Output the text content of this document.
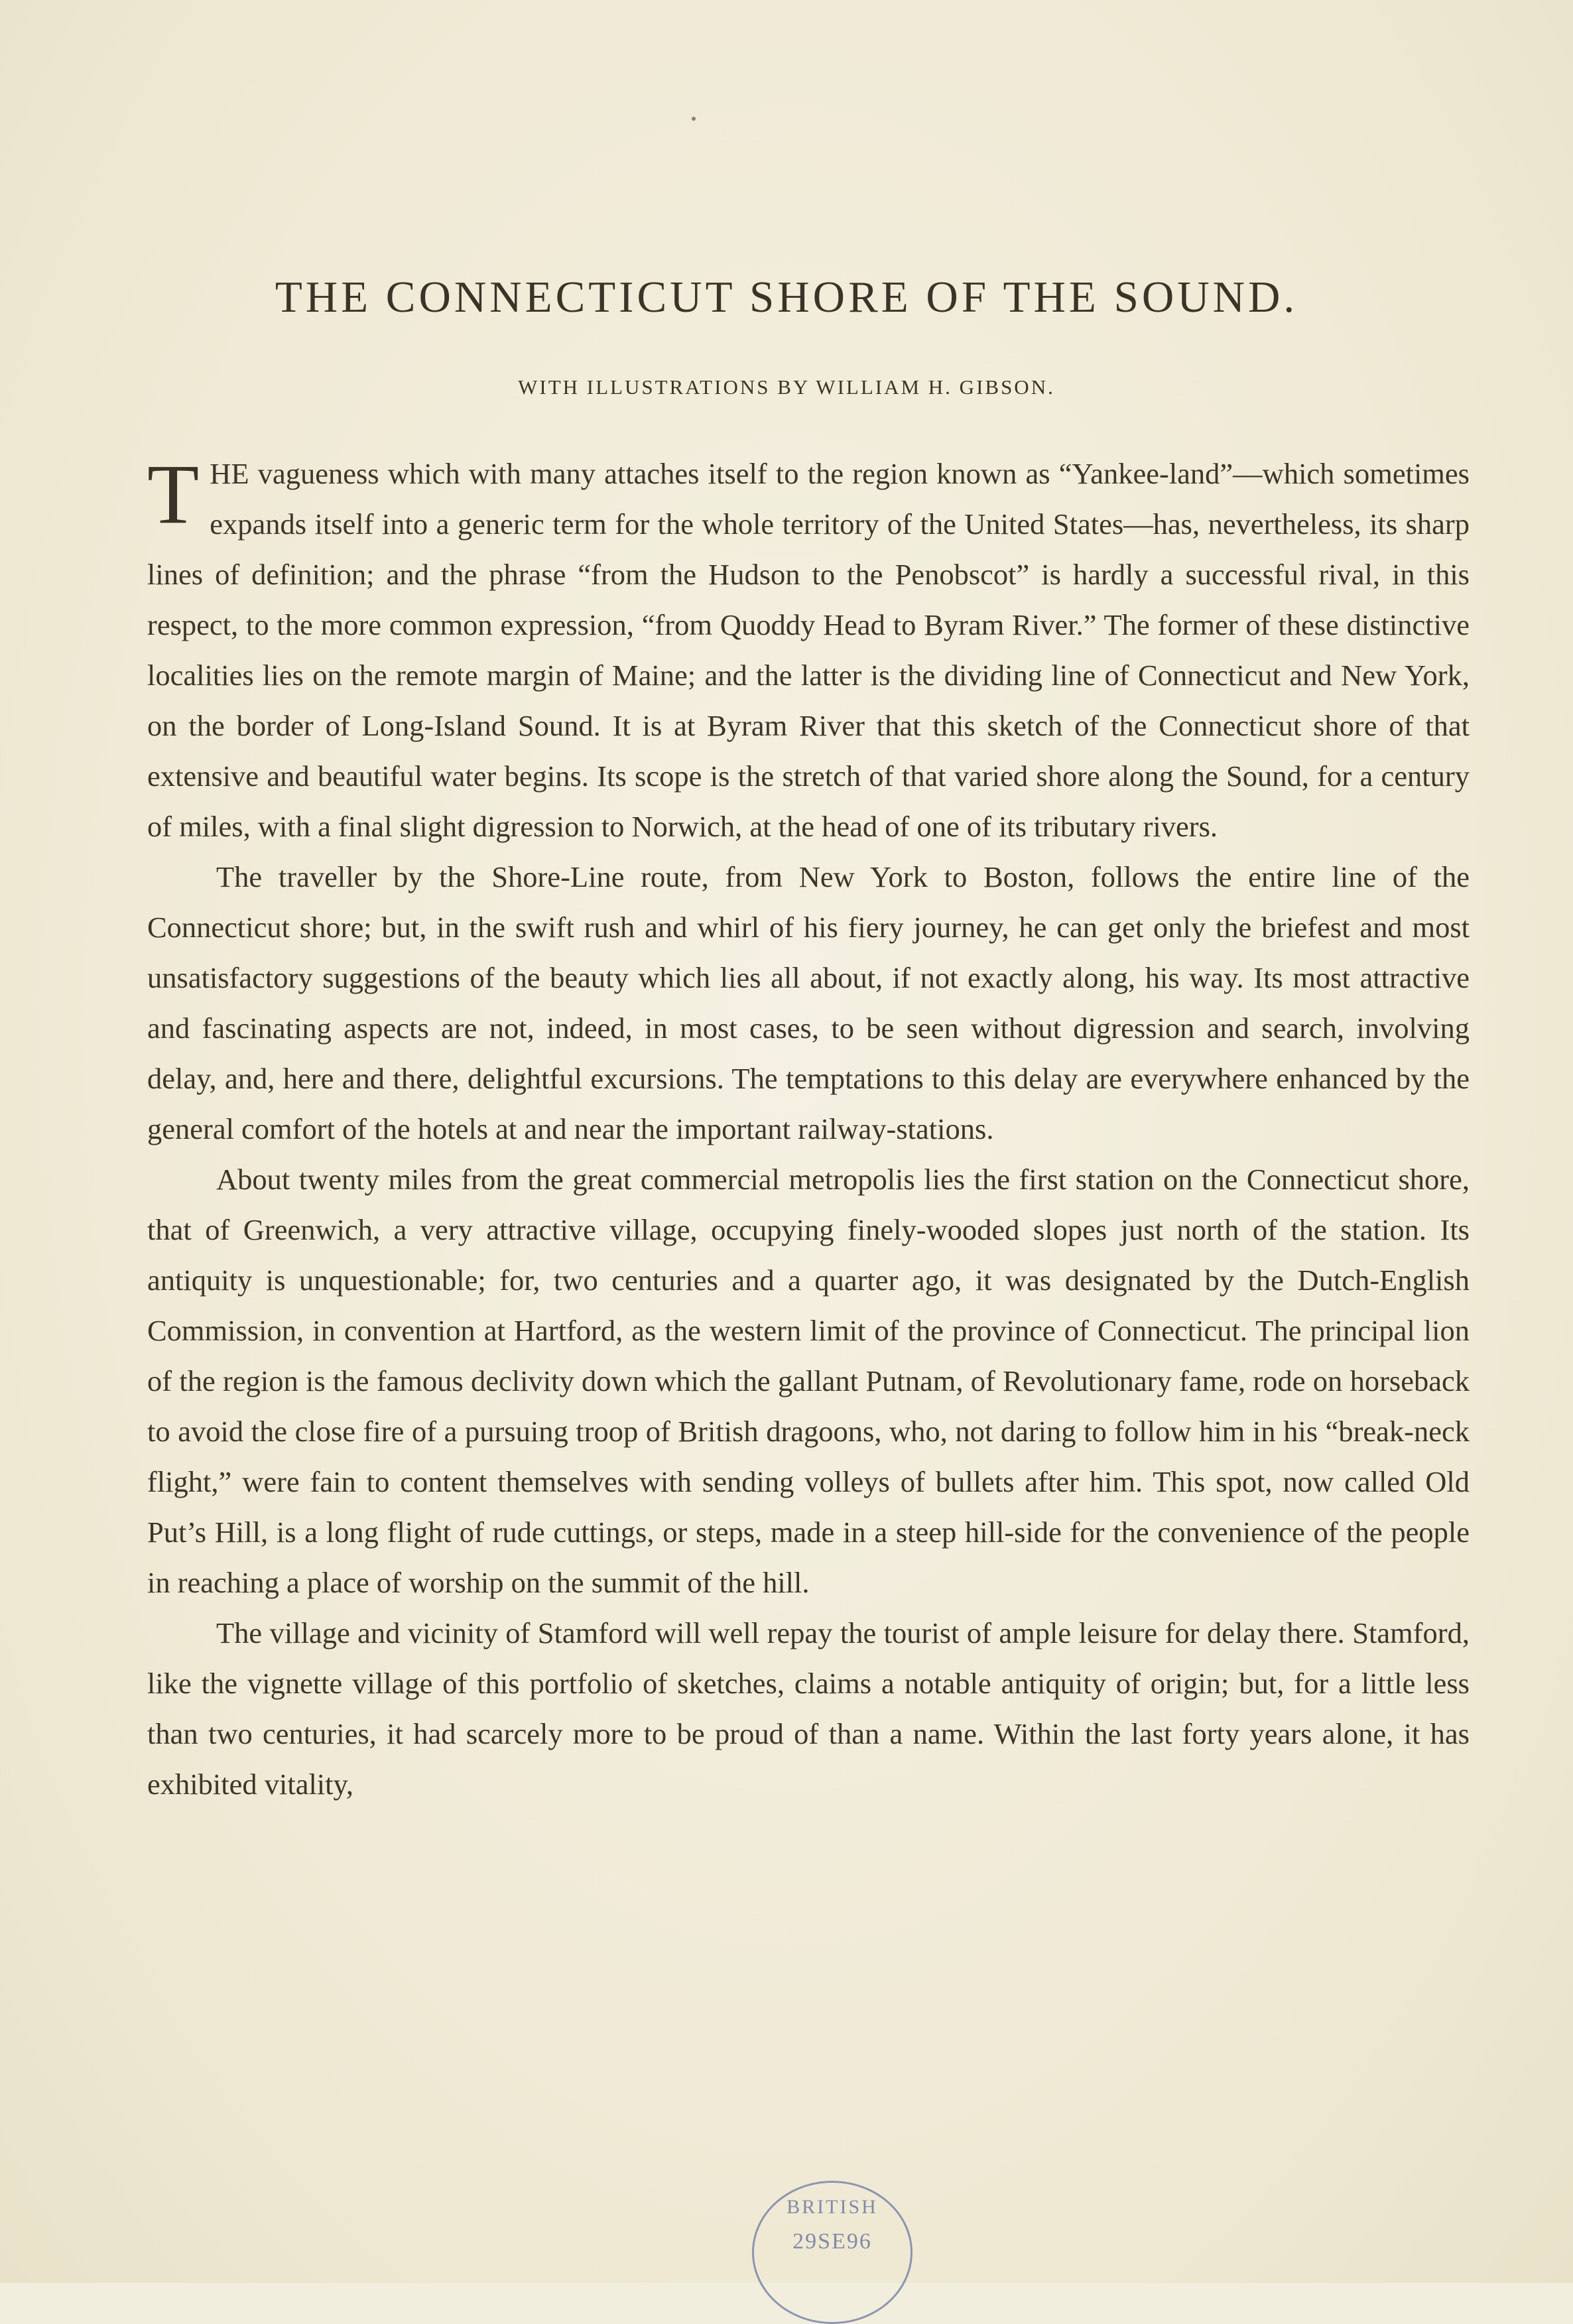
THE CONNECTICUT SHORE OF THE SOUND.
WITH ILLUSTRATIONS BY WILLIAM H. GIBSON.

THE vagueness which with many attaches itself to the region known as “Yankee-land”—which sometimes expands itself into a generic term for the whole territory of the United States—has, nevertheless, its sharp lines of definition; and the phrase “from the Hudson to the Penobscot” is hardly a successful rival, in this respect, to the more common expression, “from Quoddy Head to Byram River.” The former of these distinctive localities lies on the remote margin of Maine; and the latter is the dividing line of Connecticut and New York, on the border of Long-Island Sound. It is at Byram River that this sketch of the Connecticut shore of that extensive and beautiful water begins. Its scope is the stretch of that varied shore along the Sound, for a century of miles, with a final slight digression to Norwich, at the head of one of its tributary rivers.

The traveller by the Shore-Line route, from New York to Boston, follows the entire line of the Connecticut shore; but, in the swift rush and whirl of his fiery journey, he can get only the briefest and most unsatisfactory suggestions of the beauty which lies all about, if not exactly along, his way. Its most attractive and fascinating aspects are not, indeed, in most cases, to be seen without digression and search, involving delay, and, here and there, delightful excursions. The temptations to this delay are everywhere enhanced by the general comfort of the hotels at and near the important railway-stations.

About twenty miles from the great commercial metropolis lies the first station on the Connecticut shore, that of Greenwich, a very attractive village, occupying finely-wooded slopes just north of the station. Its antiquity is unquestionable; for, two centuries and a quarter ago, it was designated by the Dutch-English Commission, in convention at Hartford, as the western limit of the province of Connecticut. The principal lion of the region is the famous declivity down which the gallant Putnam, of Revolutionary fame, rode on horseback to avoid the close fire of a pursuing troop of British dragoons, who, not daring to follow him in his “break-neck flight,” were fain to content themselves with sending volleys of bullets after him. This spot, now called Old Put’s Hill, is a long flight of rude cuttings, or steps, made in a steep hill-side for the convenience of the people in reaching a place of worship on the summit of the hill.

The village and vicinity of Stamford will well repay the tourist of ample leisure for delay there. Stamford, like the vignette village of this portfolio of sketches, claims a notable antiquity of origin; but, for a little less than two centuries, it had scarcely more to be proud of than a name. Within the last forty years alone, it has exhibited vitality,

BRITISH
29SE96
